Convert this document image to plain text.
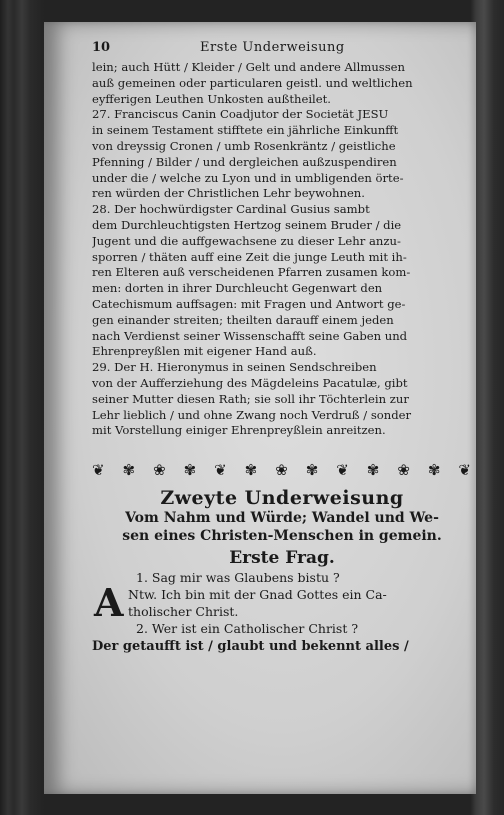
10	Erste Underweisung
lein; auch Hütt / Kleider / Gelt und andere Allmussen
auß gemeinen oder particularen geistl. und weltlichen
eyfferigen Leuthen Unkosten außtheilet.
27. Franciscus Canin Coadjutor der Societät JESU
in seinem Testament stifftete ein jährliche Einkunfft
von dreyssig Cronen / umb Rosenkräntz / geistliche
Pfenning / Bilder / und dergleichen außzuspendiren
under die / welche zu Lyon und in umbligenden örte-
ren würden der Christlichen Lehr beywohnen.
28. Der hochwürdigster Cardinal Gusius sambt
dem Durchleuchtigsten Hertzog seinem Bruder / die
Jugent und die auffgewachsene zu dieser Lehr anzu-
sporren / thäten auff eine Zeit die junge Leuth mit ih-
ren Elteren auß verscheidenen Pfarren zusamen kom-
men: dorten in ihrer Durchleucht Gegenwart den
Catechismum auffsagen: mit Fragen und Antwort ge-
gen einander streiten; theilten darauff einem jeden
nach Verdienst seiner Wissenschafft seine Gaben und
Ehrenpreyßlen mit eigener Hand auß.
29. Der H. Hieronymus in seinen Sendschreiben
von der Aufferziehung des Mägdeleins Pacatulæ, gibt
seiner Mutter diesen Rath; sie soll ihr Töchterlein zur
Lehr lieblich / und ohne Zwang noch Verdruß / sonder
mit Vorstellung einiger Ehrenpreyßlein anreitzen.
❦ ✾ ❀ ✾ ❦ ✾ ❀ ✾ ❦ ✾ ❀ ✾ ❦
Zweyte Underweisung
Vom Nahm und Würde; Wandel und We-
sen eines Christen-Menschen in gemein.
Erste Frag.
1. Sag mir was Glaubens bistu ?
A Ntw. Ich bin mit der Gnad Gottes ein Ca-
tholischer Christ.
2. Wer ist ein Catholischer Christ ?
Der getaufft ist / glaubt und bekennt alles /
